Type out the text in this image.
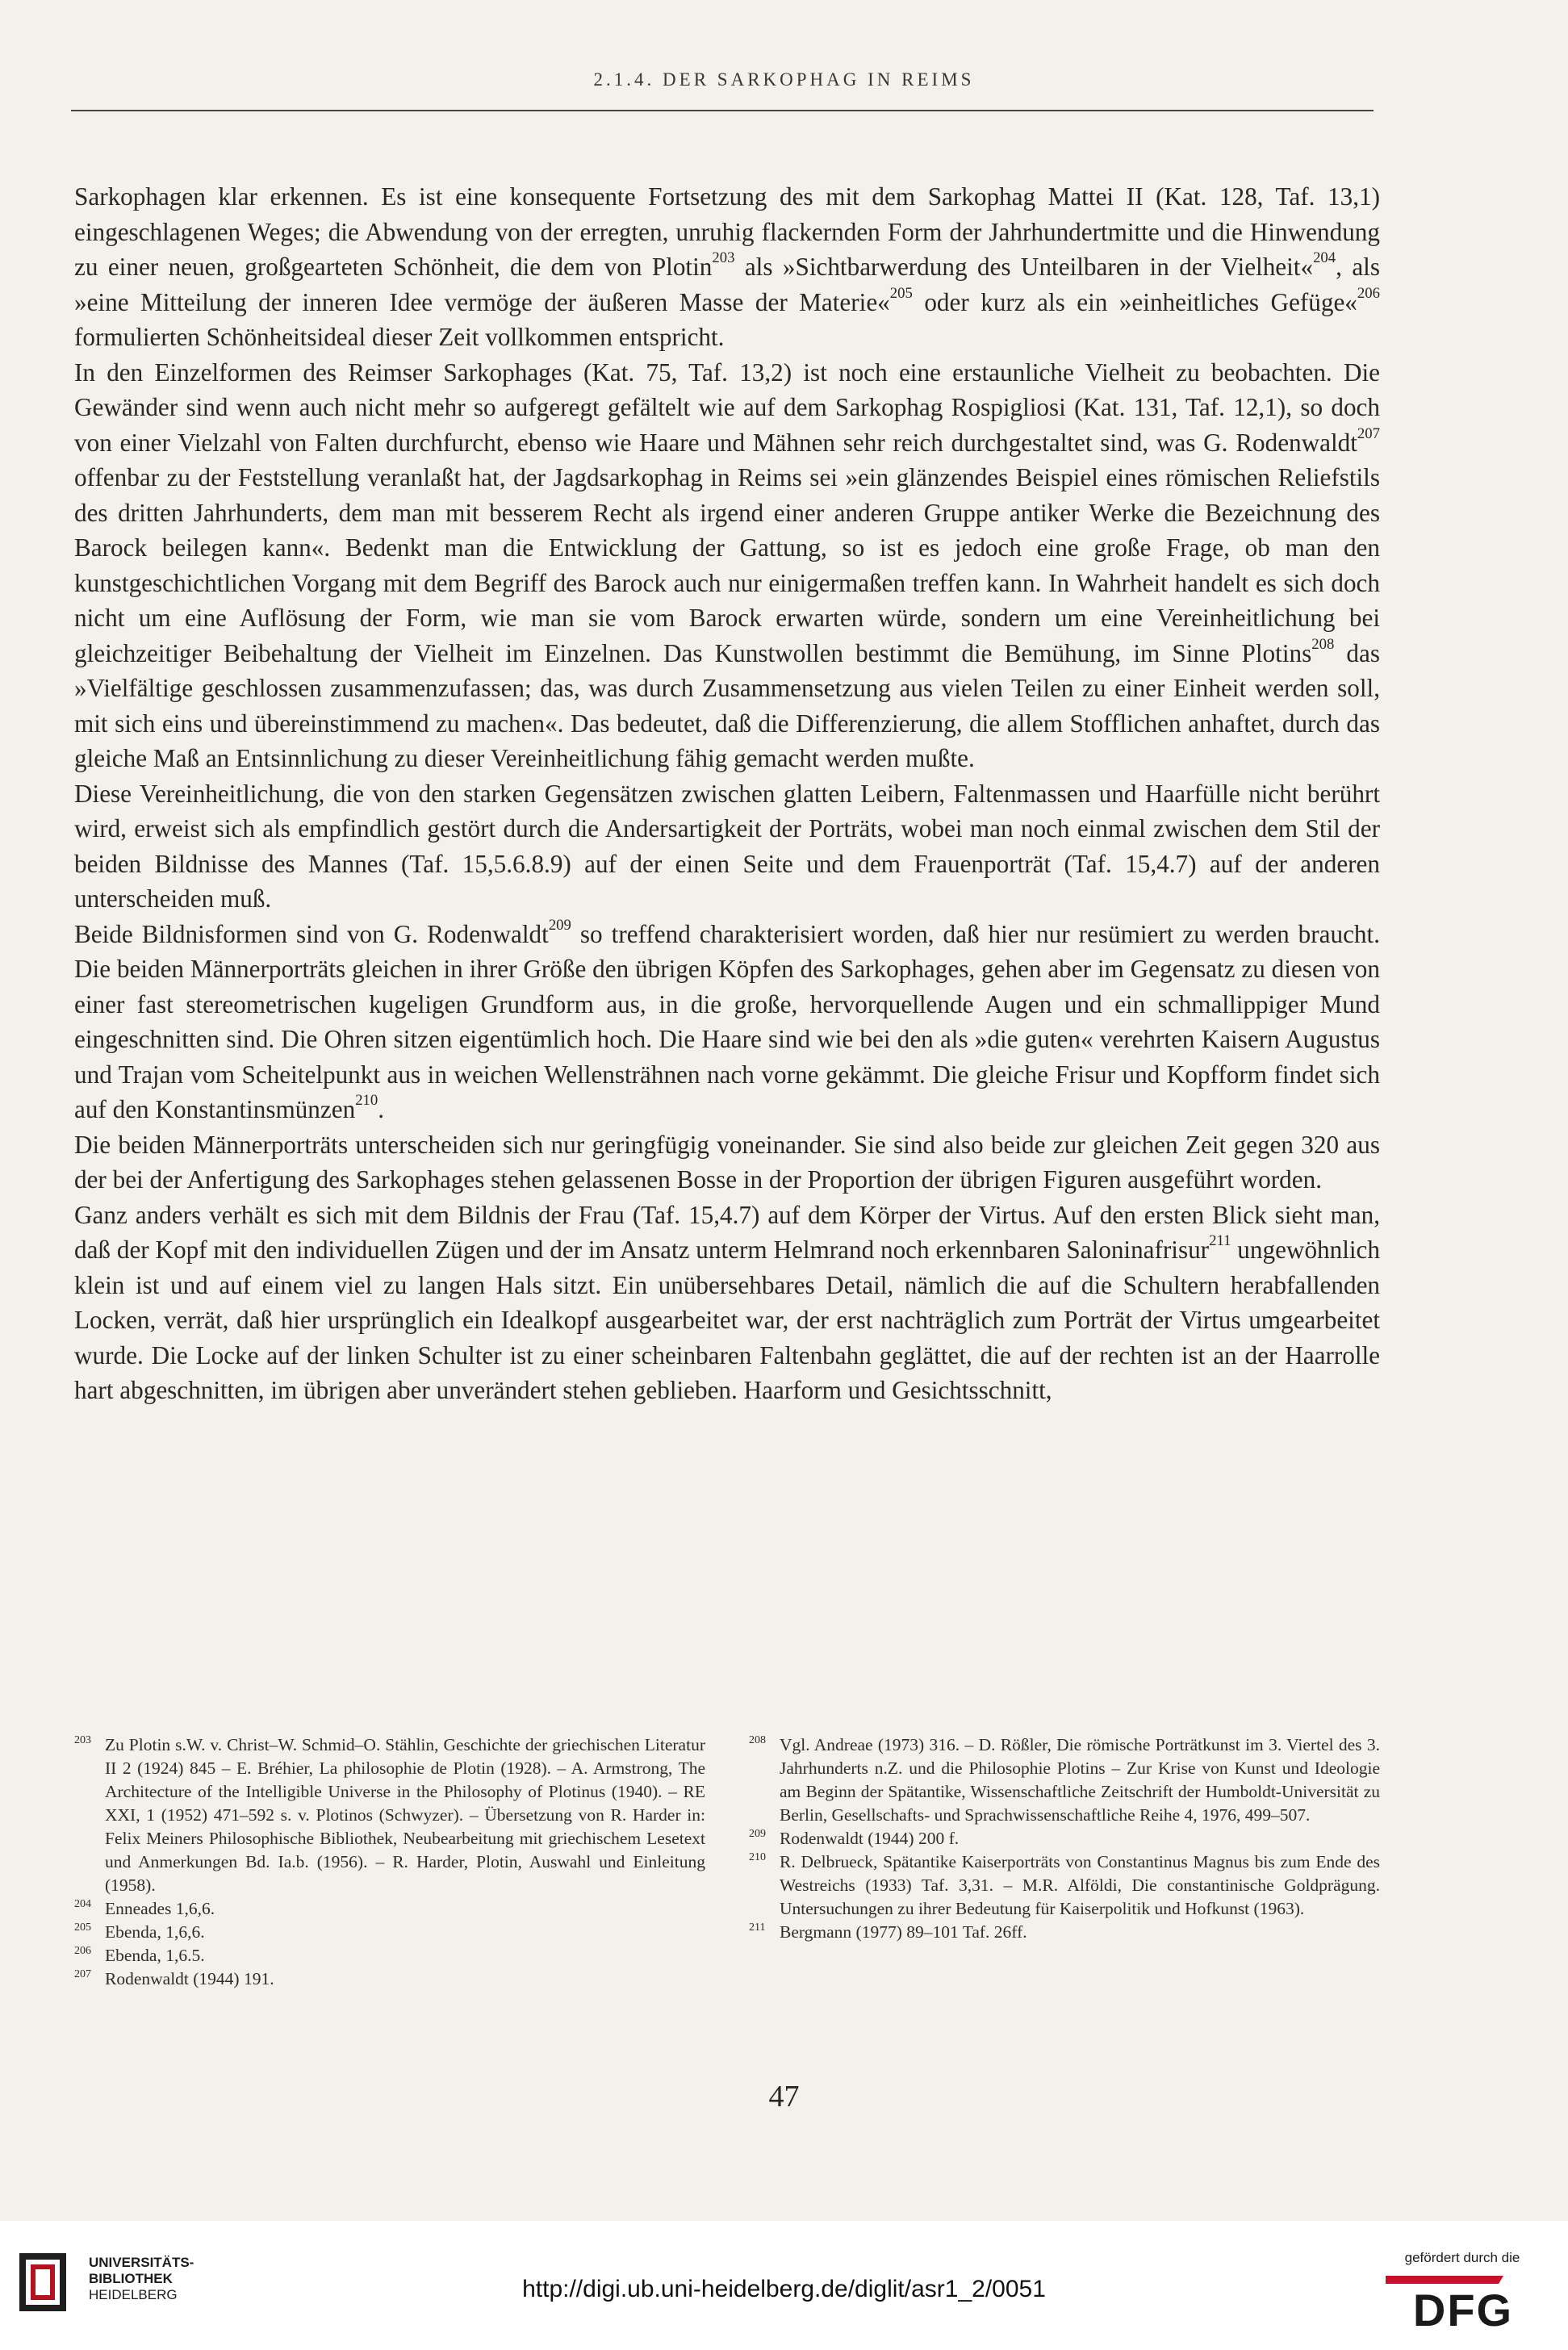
2.1.4. DER SARKOPHAG IN REIMS

Sarkophagen klar erkennen. Es ist eine konsequente Fortsetzung des mit dem Sarkophag Mattei II (Kat. 128, Taf. 13,1) eingeschlagenen Weges; die Abwendung von der erregten, unruhig flackernden Form der Jahrhundertmitte und die Hinwendung zu einer neuen, großgearteten Schönheit, die dem von Plotin$^{203}$ als »Sichtbarwerdung des Unteilbaren in der Vielheit«$^{204}$, als »eine Mitteilung der inneren Idee vermöge der äußeren Masse der Materie«$^{205}$ oder kurz als ein »einheitliches Gefüge«$^{206}$ formulierten Schönheitsideal dieser Zeit vollkommen entspricht.

In den Einzelformen des Reimser Sarkophages (Kat. 75, Taf. 13,2) ist noch eine erstaunliche Vielheit zu beobachten. Die Gewänder sind wenn auch nicht mehr so aufgeregt gefältelt wie auf dem Sarkophag Rospigliosi (Kat. 131, Taf. 12,1), so doch von einer Vielzahl von Falten durchfurcht, ebenso wie Haare und Mähnen sehr reich durchgestaltet sind, was G. Rodenwaldt$^{207}$ offenbar zu der Feststellung veranlaßt hat, der Jagdsarkophag in Reims sei »ein glänzendes Beispiel eines römischen Reliefstils des dritten Jahrhunderts, dem man mit besserem Recht als irgend einer anderen Gruppe antiker Werke die Bezeichnung des Barock beilegen kann«. Bedenkt man die Entwicklung der Gattung, so ist es jedoch eine große Frage, ob man den kunstgeschichtlichen Vorgang mit dem Begriff des Barock auch nur einigermaßen treffen kann. In Wahrheit handelt es sich doch nicht um eine Auflösung der Form, wie man sie vom Barock erwarten würde, sondern um eine Vereinheitlichung bei gleichzeitiger Beibehaltung der Vielheit im Einzelnen. Das Kunstwollen bestimmt die Bemühung, im Sinne Plotins$^{208}$ das »Vielfältige geschlossen zusammenzufassen; das, was durch Zusammensetzung aus vielen Teilen zu einer Einheit werden soll, mit sich eins und übereinstimmend zu machen«. Das bedeutet, daß die Differenzierung, die allem Stofflichen anhaftet, durch das gleiche Maß an Entsinnlichung zu dieser Vereinheitlichung fähig gemacht werden mußte.

Diese Vereinheitlichung, die von den starken Gegensätzen zwischen glatten Leibern, Faltenmassen und Haarfülle nicht berührt wird, erweist sich als empfindlich gestört durch die Andersartigkeit der Porträts, wobei man noch einmal zwischen dem Stil der beiden Bildnisse des Mannes (Taf. 15,5.6.8.9) auf der einen Seite und dem Frauenporträt (Taf. 15,4.7) auf der anderen unterscheiden muß.

Beide Bildnisformen sind von G. Rodenwaldt$^{209}$ so treffend charakterisiert worden, daß hier nur resümiert zu werden braucht. Die beiden Männerporträts gleichen in ihrer Größe den übrigen Köpfen des Sarkophages, gehen aber im Gegensatz zu diesen von einer fast stereometrischen kugeligen Grundform aus, in die große, hervorquellende Augen und ein schmallippiger Mund eingeschnitten sind. Die Ohren sitzen eigentümlich hoch. Die Haare sind wie bei den als »die guten« verehrten Kaisern Augustus und Trajan vom Scheitelpunkt aus in weichen Wellensträhnen nach vorne gekämmt. Die gleiche Frisur und Kopfform findet sich auf den Konstantinsmünzen$^{210}$.

Die beiden Männerporträts unterscheiden sich nur geringfügig voneinander. Sie sind also beide zur gleichen Zeit gegen 320 aus der bei der Anfertigung des Sarkophages stehen gelassenen Bosse in der Proportion der übrigen Figuren ausgeführt worden.

Ganz anders verhält es sich mit dem Bildnis der Frau (Taf. 15,4.7) auf dem Körper der Virtus. Auf den ersten Blick sieht man, daß der Kopf mit den individuellen Zügen und der im Ansatz unterm Helmrand noch erkennbaren Saloninafrisur$^{211}$ ungewöhnlich klein ist und auf einem viel zu langen Hals sitzt. Ein unübersehbares Detail, nämlich die auf die Schultern herabfallenden Locken, verrät, daß hier ursprünglich ein Idealkopf ausgearbeitet war, der erst nachträglich zum Porträt der Virtus umgearbeitet wurde. Die Locke auf der linken Schulter ist zu einer scheinbaren Faltenbahn geglättet, die auf der rechten ist an der Haarrolle hart abgeschnitten, im übrigen aber unverändert stehen geblieben. Haarform und Gesichtsschnitt,

203 Zu Plotin s.W. v. Christ–W. Schmid–O. Stählin, Geschichte der griechischen Literatur II 2 (1924) 845 – E. Bréhier, La philosophie de Plotin (1928). – A. Armstrong, The Architecture of the Intelligible Universe in the Philosophy of Plotinus (1940). – RE XXI, 1 (1952) 471–592 s. v. Plotinos (Schwyzer). – Übersetzung von R. Harder in: Felix Meiners Philosophische Bibliothek, Neubearbeitung mit griechischem Lesetext und Anmerkungen Bd. Ia.b. (1956). – R. Harder, Plotin, Auswahl und Einleitung (1958).

204 Enneades 1,6,6.

205 Ebenda, 1,6,6.

206 Ebenda, 1,6.5.

207 Rodenwaldt (1944) 191.

208 Vgl. Andreae (1973) 316. – D. Rößler, Die römische Porträtkunst im 3. Viertel des 3. Jahrhunderts n.Z. und die Philosophie Plotins – Zur Krise von Kunst und Ideologie am Beginn der Spätantike, Wissenschaftliche Zeitschrift der Humboldt-Universität zu Berlin, Gesellschafts- und Sprachwissenschaftliche Reihe 4, 1976, 499–507.

209 Rodenwaldt (1944) 200 f.

210 R. Delbrueck, Spätantike Kaiserporträts von Constantinus Magnus bis zum Ende des Westreichs (1933) Taf. 3,31. – M.R. Alföldi, Die constantinische Goldprägung. Untersuchungen zu ihrer Bedeutung für Kaiserpolitik und Hofkunst (1963).

211 Bergmann (1977) 89–101 Taf. 26ff.

47
UNIVERSITÄTS-
BIBLIOTHEK
HEIDELBERG	http://digi.ub.uni-heidelberg.de/diglit/asr1_2/0051
gefördert durch die
DFG
